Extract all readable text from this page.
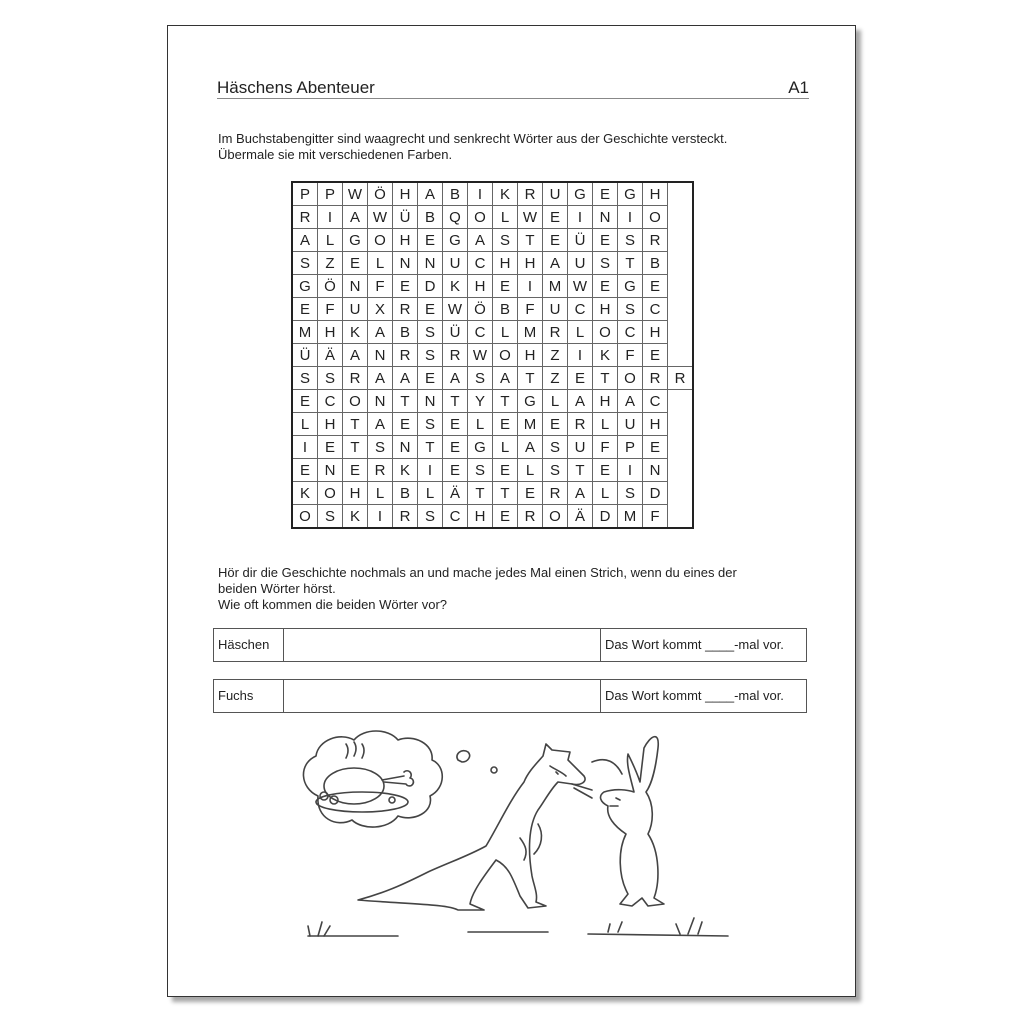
Häschens Abenteuer	A1
Im Buchstabengitter sind waagrecht und senkrecht Wörter aus der Geschichte versteckt.
Übermale sie mit verschiedenen Farben.
P	P	W	Ö	H	A	B	I	K	R	U	G	E	G	H	
R	I	A	W	Ü	B	Q	O	L	W	E	I	N	I	O	
A	L	G	O	H	E	G	A	S	T	E	Ü	E	S	R	
S	Z	E	L	N	N	U	C	H	H	A	U	S	T	B	
G	Ö	N	F	E	D	K	H	E	I	M	W	E	G	E	
E	F	U	X	R	E	W	Ö	B	F	U	C	H	S	C	
M	H	K	A	B	S	Ü	C	L	M	R	L	O	C	H	
Ü	Ä	A	N	R	S	R	W	O	H	Z	I	K	F	E	
S	S	R	A	A	E	A	S	A	T	Z	E	T	O	R	R
E	C	O	N	T	N	T	Y	T	G	L	A	H	A	C	
L	H	T	A	E	S	E	L	E	M	E	R	L	U	H	
I	E	T	S	N	T	E	G	L	A	S	U	F	P	E	
E	N	E	R	K	I	E	S	E	L	S	T	E	I	N	
K	O	H	L	B	L	Ä	T	T	E	R	A	L	S	D	
O	S	K	I	R	S	C	H	E	R	O	Ä	D	M	F	
Hör dir die Geschichte nochmals an und mache jedes Mal einen Strich, wenn du eines der
beiden Wörter hörst.
Wie oft kommen die beiden Wörter vor?
Häschen	Das Wort kommt ____-mal vor.
Fuchs	Das Wort kommt ____-mal vor.
